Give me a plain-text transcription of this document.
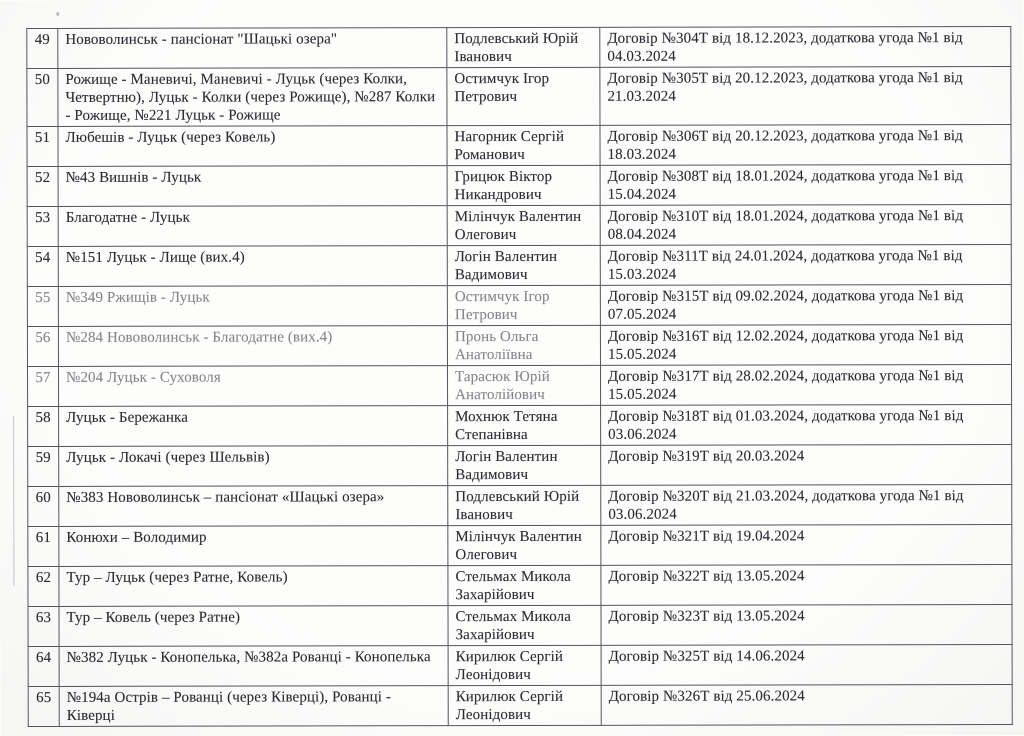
49	Нововолинськ - пансіонат "Шацькі озера"	Подлевський Юрій Іванович	Договір №304Т від 18.12.2023, додаткова угода №1 від 04.03.2024
50	Рожище - Маневичі, Маневичі - Луцьк (через Колки, Четвертню), Луцьк - Колки (через Рожище), №287 Колки - Рожище, №221 Луцьк - Рожище	Остимчук Ігор Петрович	Договір №305Т від 20.12.2023, додаткова угода №1 від 21.03.2024
51	Любешів - Луцьк (через Ковель)	Нагорник Сергій Романович	Договір №306Т від 20.12.2023, додаткова угода №1 від 18.03.2024
52	№43 Вишнів - Луцьк	Грицюк Віктор Никандрович	Договір №308Т від 18.01.2024, додаткова угода №1 від 15.04.2024
53	Благодатне - Луцьк	Мілінчук Валентин Олегович	Договір №310Т від 18.01.2024, додаткова угода №1 від 08.04.2024
54	№151 Луцьк - Лище (вих.4)	Логін Валентин Вадимович	Договір №311Т від 24.01.2024, додаткова угода №1 від 15.03.2024
55	№349 Ржищів - Луцьк	Остимчук Ігор Петрович	Договір №315Т від 09.02.2024, додаткова угода №1 від 07.05.2024
56	№284 Нововолинськ - Благодатне (вих.4)	Пронь Ольга Анатоліївна	Договір №316Т від 12.02.2024, додаткова угода №1 від 15.05.2024
57	№204 Луцьк - Суховоля	Тарасюк Юрій Анатолійович	Договір №317Т від 28.02.2024, додаткова угода №1 від 15.05.2024
58	Луцьк - Бережанка	Мохнюк Тетяна Степанівна	Договір №318Т від 01.03.2024, додаткова угода №1 від 03.06.2024
59	Луцьк - Локачі (через Шельвів)	Логін Валентин Вадимович	Договір №319Т від 20.03.2024
60	№383 Нововолинськ – пансіонат «Шацькі озера»	Подлевський Юрій Іванович	Договір №320Т від 21.03.2024, додаткова угода №1 від 03.06.2024
61	Конюхи – Володимир	Мілінчук Валентин Олегович	Договір №321Т від 19.04.2024
62	Тур – Луцьк (через Ратне, Ковель)	Стельмах Микола Захарійович	Договір №322Т від 13.05.2024
63	Тур – Ковель (через Ратне)	Стельмах Микола Захарійович	Договір №323Т від 13.05.2024
64	№382 Луцьк - Конопелька, №382а Рованці - Конопелька	Кирилюк Сергій Леонідович	Договір №325Т від 14.06.2024
65	№194а Острів – Рованці (через Ківерці), Рованці - Ківерці	Кирилюк Сергій Леонідович	Договір №326Т від 25.06.2024
